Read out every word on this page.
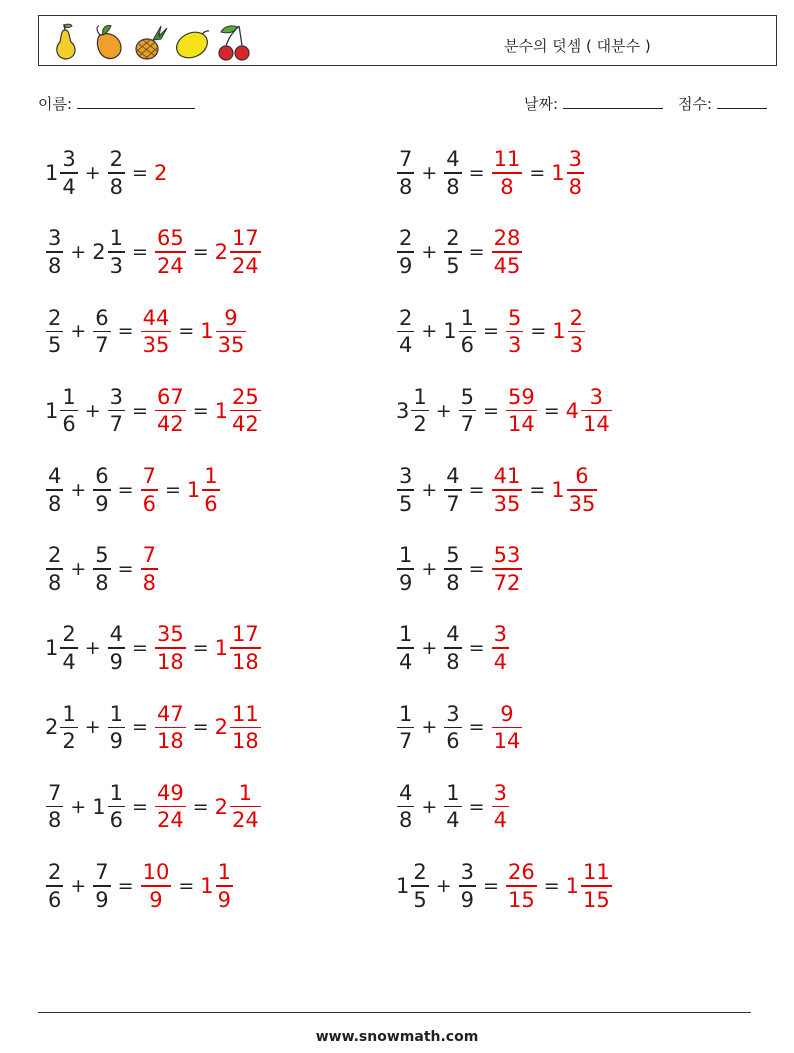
분수의 덧셈 ( 대분수 )
이름:	날짜:	점수:
$1 \frac{3}{4} + \frac{2}{8} = 2$	$\frac{7}{8} + \frac{4}{8} = \frac{11}{8} = 1 \frac{3}{8}$
$\frac{3}{8} + 2 \frac{1}{3} = \frac{65}{24} = 2 \frac{17}{24}$	$\frac{2}{9} + \frac{2}{5} = \frac{28}{45}$
$\frac{2}{5} + \frac{6}{7} = \frac{44}{35} = 1 \frac{9}{35}$	$\frac{2}{4} + 1 \frac{1}{6} = \frac{5}{3} = 1 \frac{2}{3}$
$1 \frac{1}{6} + \frac{3}{7} = \frac{67}{42} = 1 \frac{25}{42}$	$3 \frac{1}{2} + \frac{5}{7} = \frac{59}{14} = 4 \frac{3}{14}$
$\frac{4}{8} + \frac{6}{9} = \frac{7}{6} = 1 \frac{1}{6}$	$\frac{3}{5} + \frac{4}{7} = \frac{41}{35} = 1 \frac{6}{35}$
$\frac{2}{8} + \frac{5}{8} = \frac{7}{8}$	$\frac{1}{9} + \frac{5}{8} = \frac{53}{72}$
$1 \frac{2}{4} + \frac{4}{9} = \frac{35}{18} = 1 \frac{17}{18}$	$\frac{1}{4} + \frac{4}{8} = \frac{3}{4}$
$2 \frac{1}{2} + \frac{1}{9} = \frac{47}{18} = 2 \frac{11}{18}$	$\frac{1}{7} + \frac{3}{6} = \frac{9}{14}$
$\frac{7}{8} + 1 \frac{1}{6} = \frac{49}{24} = 2 \frac{1}{24}$	$\frac{4}{8} + \frac{1}{4} = \frac{3}{4}$
$\frac{2}{6} + \frac{7}{9} = \frac{10}{9} = 1 \frac{1}{9}$	$1 \frac{2}{5} + \frac{3}{9} = \frac{26}{15} = 1 \frac{11}{15}$
www.snowmath.com
